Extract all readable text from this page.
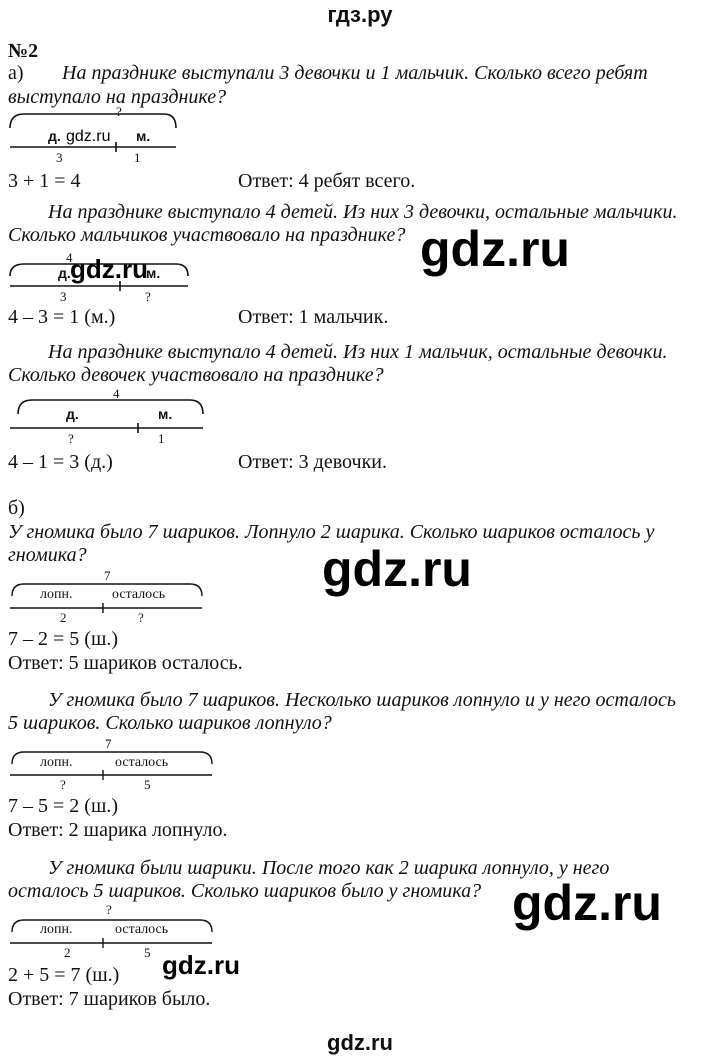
гдз.ру
№2
а) На празднике выступали 3 девочки и 1 мальчик. Сколько всего ребят
выступало на празднике?
?
д.	м.
3	1
gdz.ru
3 + 1 = 4	Ответ: 4 ребят всего.
На празднике выступало 4 детей. Из них 3 девочки, остальные мальчики.
Сколько мальчиков участвовало на празднике? gdz.ru
4
д.	м.
gdz.ru
3	?
4 – 3 = 1 (м.)	Ответ: 1 мальчик.
На празднике выступало 4 детей. Из них 1 мальчик, остальные девочки.
Сколько девочек участвовало на празднике?
4
д.	м.
?	1
4 – 1 = 3 (д.)	Ответ: 3 девочки.
б)
У гномика было 7 шариков. Лопнуло 2 шарика. Сколько шариков осталось у
гномика?	gdz.ru
7
лопн.	осталось
2	?
7 – 2 = 5 (ш.)
Ответ: 5 шариков осталось.
У гномика было 7 шариков. Несколько шариков лопнуло и у него осталось
5 шариков. Сколько шариков лопнуло?
7
лопн.	осталось
?	5
7 – 5 = 2 (ш.)
Ответ: 2 шарика лопнуло.
У гномика были шарики. После того как 2 шарика лопнуло, у него
осталось 5 шариков. Сколько шариков было у гномика? gdz.ru
?
лопн.	осталось
2	5
2 + 5 = 7 (ш.) gdz.ru
Ответ: 7 шариков было.
gdz.ru
